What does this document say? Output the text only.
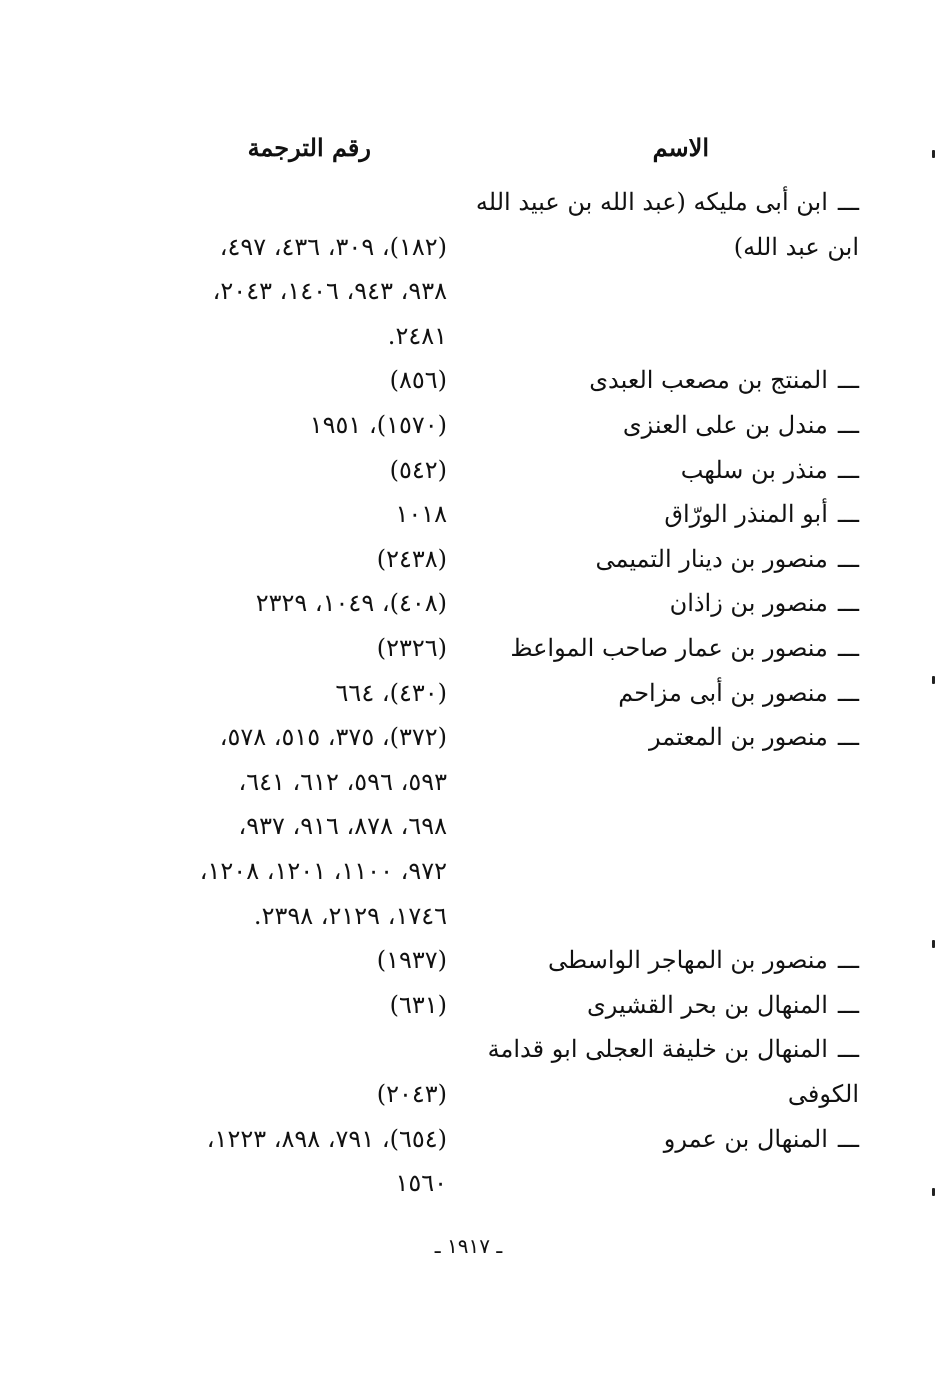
الاسم
رقم الترجمة
ـــابن أبى مليكه (عبد الله بن عبيد الله
ابن عبد الله)

(١٨٢)، ٣٠٩، ٤٣٦، ٤٩٧،
٩٣٨، ٩٤٣، ١٤٠٦، ٢٠٤٣،
٢٤٨١.
ـــالمنتج بن مصعب العبدى
(٨٥٦)
ـــمندل بن على العنزى
(١٥٧٠)، ١٩٥١
ـــمنذر بن سلهب
(٥٤٢)
ـــأبو المنذر الورّاق
١٠١٨
ـــمنصور بن دينار التميمى
(٢٤٣٨)
ـــمنصور بن زاذان
(٤٠٨)، ١٠٤٩، ٢٣٢٩
ـــمنصور بن عمار صاحب المواعظ
(٢٣٢٦)
ـــمنصور بن أبى مزاحم
(٤٣٠)، ٦٦٤
ـــمنصور بن المعتمر
(٣٧٢)، ٣٧٥، ٥١٥، ٥٧٨،
٥٩٣، ٥٩٦، ٦١٢، ٦٤١،
٦٩٨، ٨٧٨، ٩١٦، ٩٣٧،
٩٧٢، ١١٠٠، ١٢٠١، ١٢٠٨،
١٧٤٦، ٢١٢٩، ٢٣٩٨.
ـــمنصور بن المهاجر الواسطى
(١٩٣٧)
ـــالمنهال بن بحر القشيرى
(٦٣١)
ـــالمنهال بن خليفة العجلى ابو قدامة
الكوفى

(٢٠٤٣)
ـــالمنهال بن عمرو
(٦٥٤)، ٧٩١، ٨٩٨، ١٢٢٣،
١٥٦٠
ـ ١٩١٧ ـ
